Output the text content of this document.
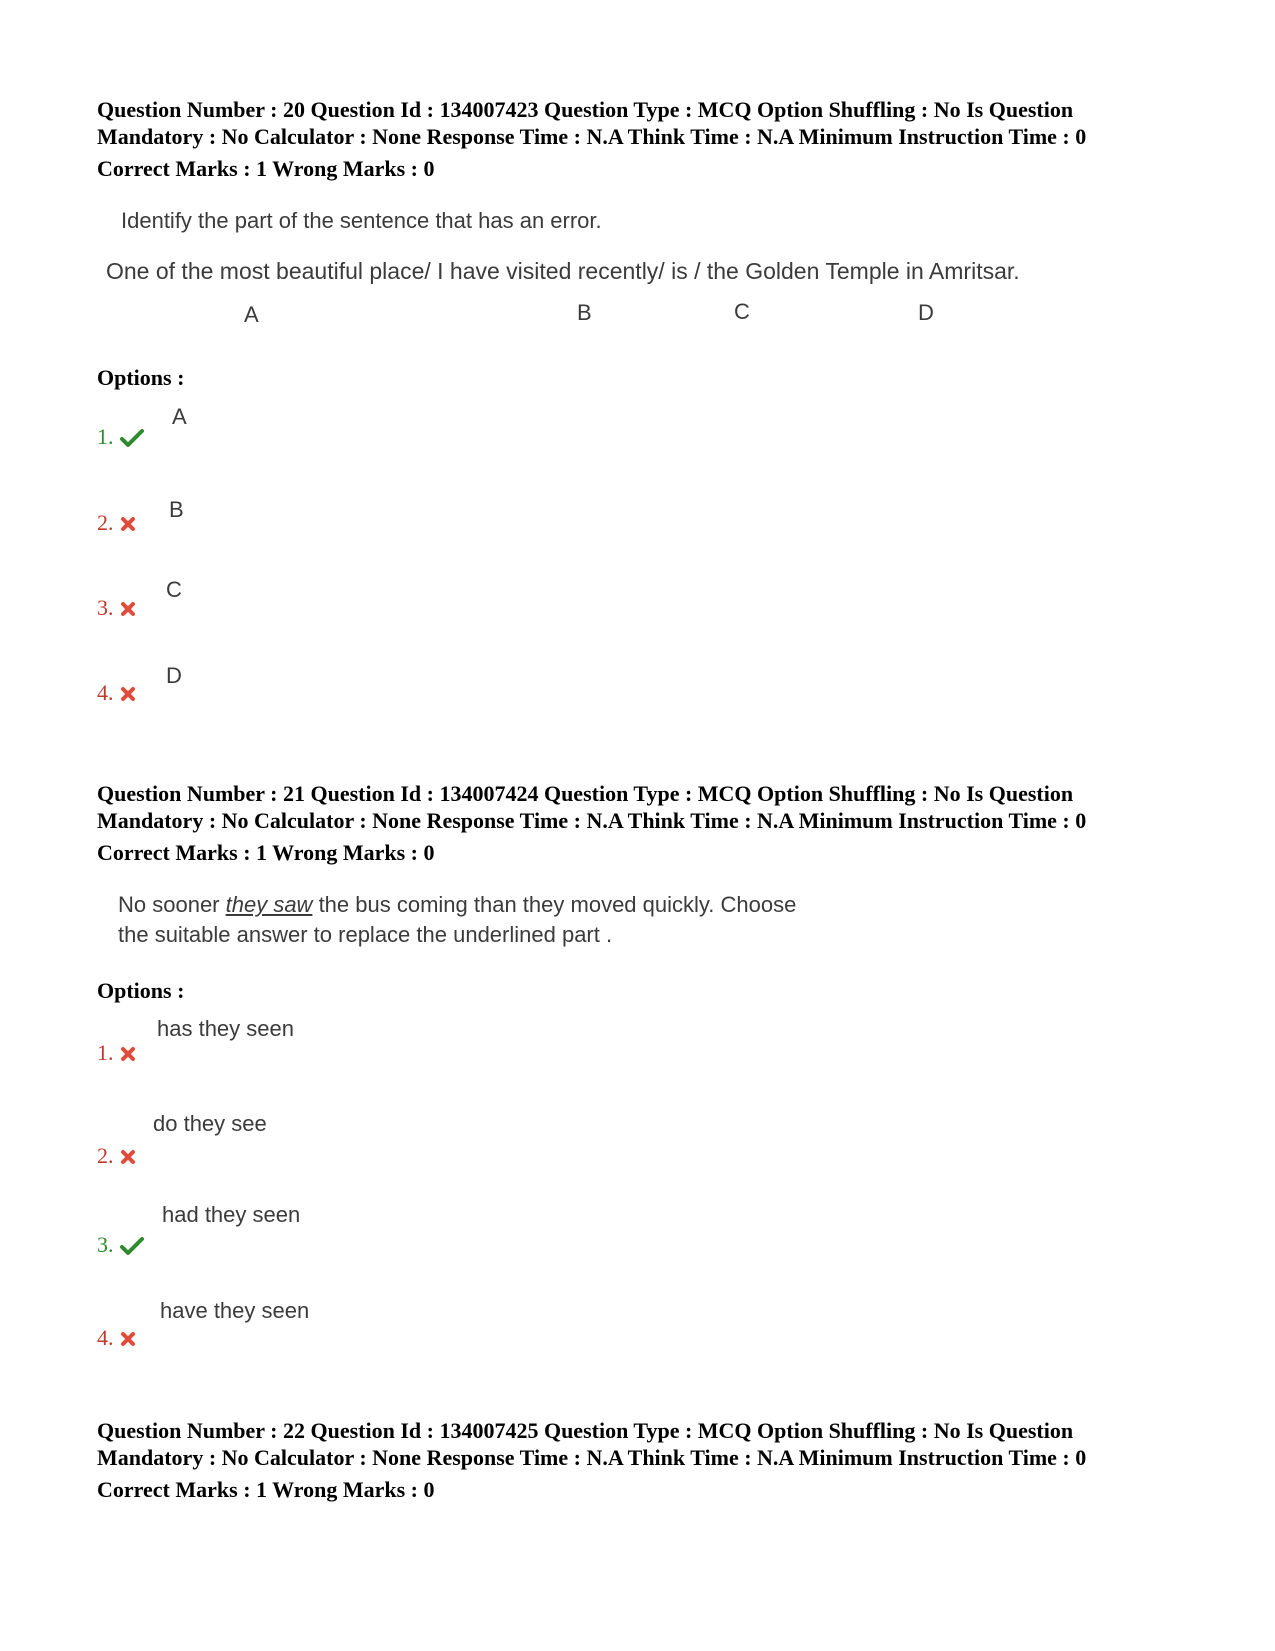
Question Number : 20 Question Id : 134007423 Question Type : MCQ Option Shuffling : No Is Question
Mandatory : No Calculator : None Response Time : N.A Think Time : N.A Minimum Instruction Time : 0
Correct Marks : 1 Wrong Marks : 0

Identify the part of the sentence that has an error.
One of the most beautiful place/ I have visited recently/ is / the Golden Temple in Amritsar.
A	B	C	D
Options :
1.
A
2.
B
3.
C
4.
D

Question Number : 21 Question Id : 134007424 Question Type : MCQ Option Shuffling : No Is Question
Mandatory : No Calculator : None Response Time : N.A Think Time : N.A Minimum Instruction Time : 0
Correct Marks : 1 Wrong Marks : 0

No sooner they saw the bus coming than they moved quickly. Choose
the suitable answer to replace the underlined part .
Options :
1.
has they seen
2.
do they see
3.
had they seen
4.
have they seen

Question Number : 22 Question Id : 134007425 Question Type : MCQ Option Shuffling : No Is Question
Mandatory : No Calculator : None Response Time : N.A Think Time : N.A Minimum Instruction Time : 0
Correct Marks : 1 Wrong Marks : 0
